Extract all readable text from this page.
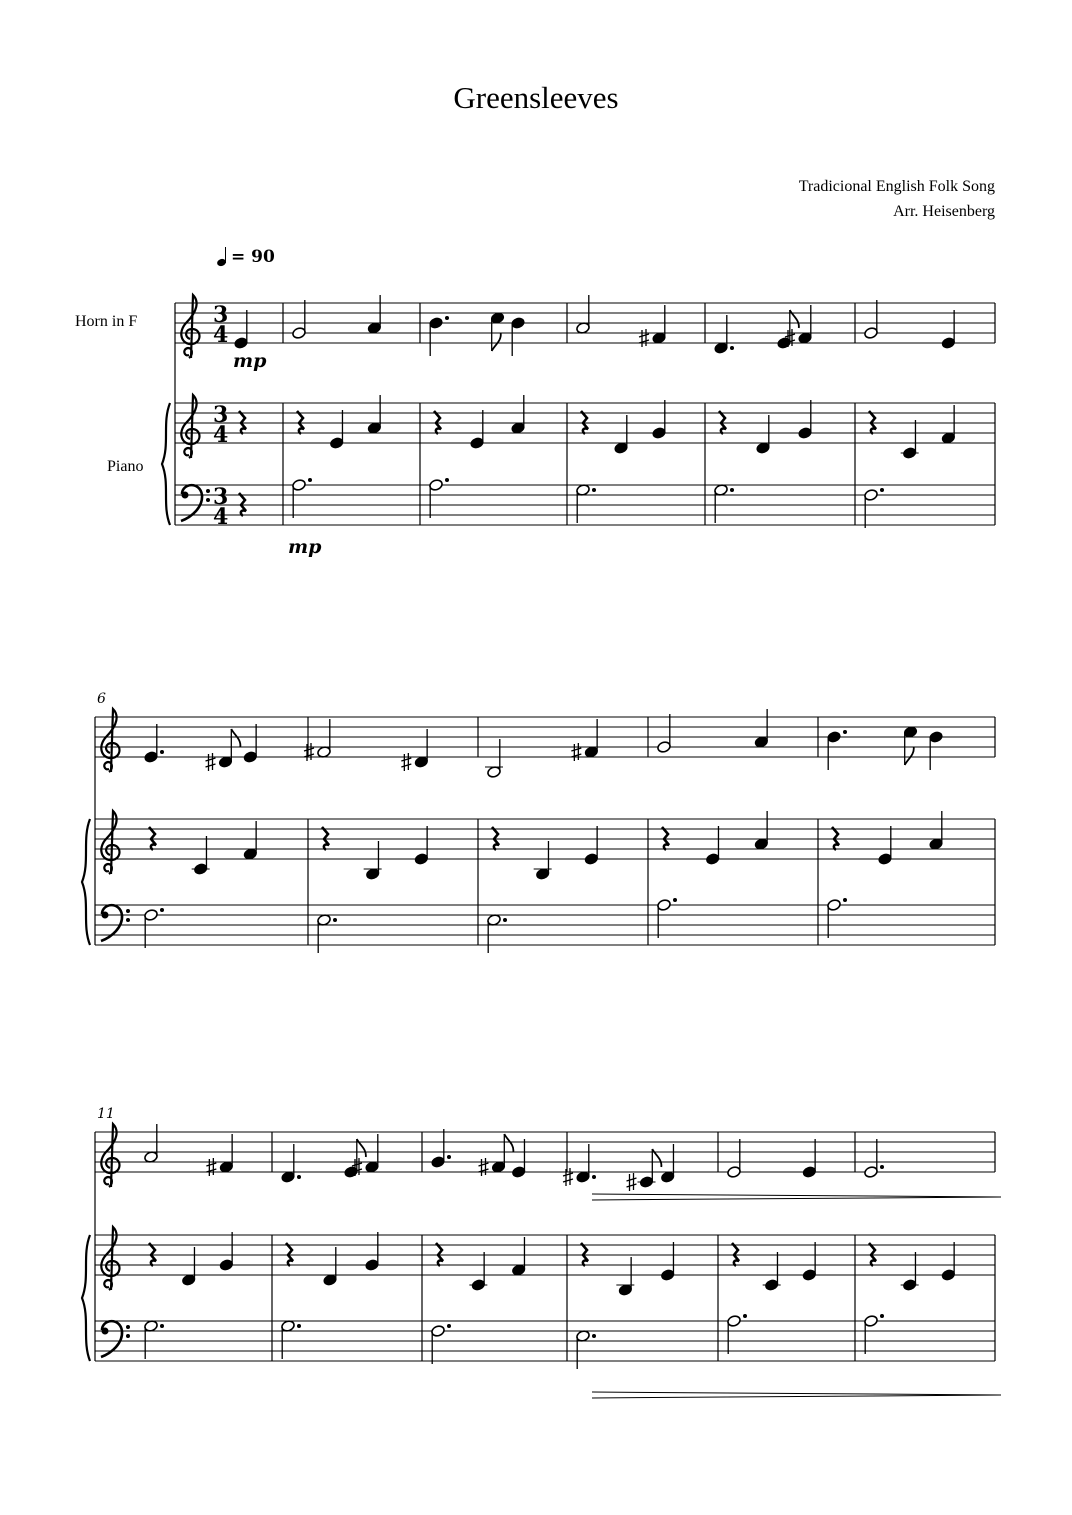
Greensleeves
Tradicional English Folk Song
Arr. Heisenberg
= 90
Horn in F
Piano
3
4
3
4
3
4
6
11
mp
mp
